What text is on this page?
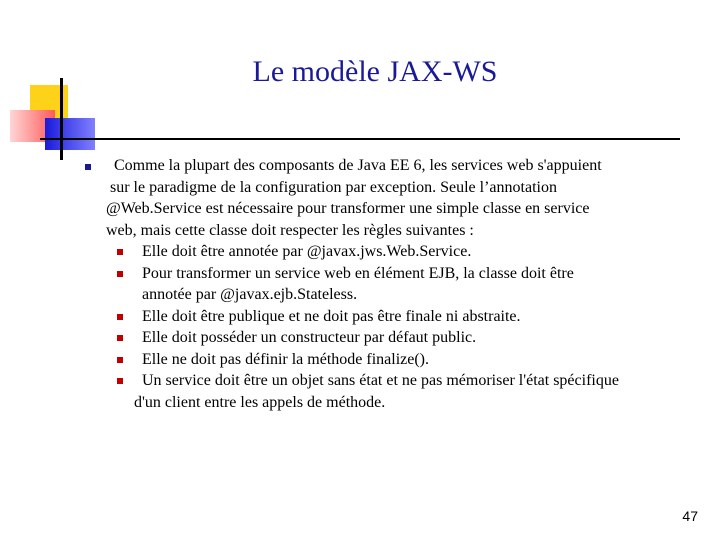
Le modèle JAX-WS
Comme la plupart des composants de Java EE 6, les services web s'appuient
sur le paradigme de la configuration par exception. Seule l’annotation
@Web.Service est nécessaire pour transformer une simple classe en service
web, mais cette classe doit respecter les règles suivantes :
Elle doit être annotée par @javax.jws.Web.Service.
Pour transformer un service web en élément EJB, la classe doit être
annotée par @javax.ejb.Stateless.
Elle doit être publique et ne doit pas être finale ni abstraite.
Elle doit posséder un constructeur par défaut public.
Elle ne doit pas définir la méthode finalize().
Un service doit être un objet sans état et ne pas mémoriser l'état spécifique
d'un client entre les appels de méthode.
47
